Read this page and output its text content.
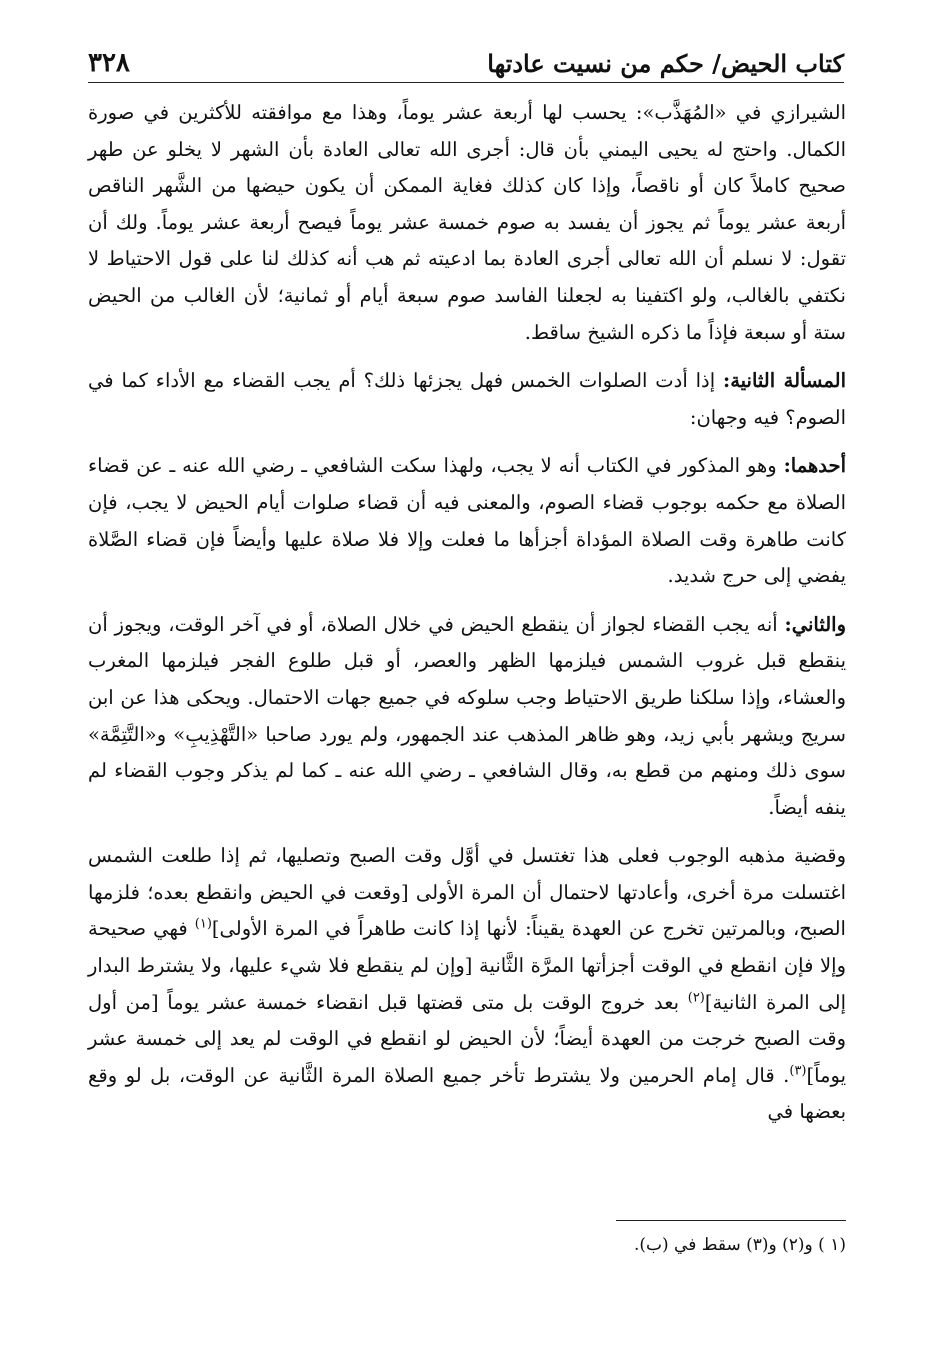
كتاب الحيض/ حكم من نسيت عادتها
٣٢٨

الشيرازي في «المُهَذَّب»: يحسب لها أربعة عشر يوماً، وهذا مع موافقته للأكثرين في صورة الكمال. واحتج له يحيى اليمني بأن قال: أجرى الله تعالى العادة بأن الشهر لا يخلو عن طهر صحيح كاملاً كان أو ناقصاً، وإذا كان كذلك فغاية الممكن أن يكون حيضها من الشَّهر الناقص أربعة عشر يوماً ثم يجوز أن يفسد به صوم خمسة عشر يوماً فيصح أربعة عشر يوماً. ولك أن تقول: لا نسلم أن الله تعالى أجرى العادة بما ادعيته ثم هب أنه كذلك لنا على قول الاحتياط لا نكتفي بالغالب، ولو اكتفينا به لجعلنا الفاسد صوم سبعة أيام أو ثمانية؛ لأن الغالب من الحيض ستة أو سبعة فإذاً ما ذكره الشيخ ساقط.

المسألة الثانية: إذا أدت الصلوات الخمس فهل يجزئها ذلك؟ أم يجب القضاء مع الأداء كما في الصوم؟ فيه وجهان:

أحدهما: وهو المذكور في الكتاب أنه لا يجب، ولهذا سكت الشافعي ـ رضي الله عنه ـ عن قضاء الصلاة مع حكمه بوجوب قضاء الصوم، والمعنى فيه أن قضاء صلوات أيام الحيض لا يجب، فإن كانت طاهرة وقت الصلاة المؤداة أجزأها ما فعلت وإلا فلا صلاة عليها وأيضاً فإن قضاء الصَّلاة يفضي إلى حرج شديد.

والثاني: أنه يجب القضاء لجواز أن ينقطع الحيض في خلال الصلاة، أو في آخر الوقت، ويجوز أن ينقطع قبل غروب الشمس فيلزمها الظهر والعصر، أو قبل طلوع الفجر فيلزمها المغرب والعشاء، وإذا سلكنا طريق الاحتياط وجب سلوكه في جميع جهات الاحتمال. ويحكى هذا عن ابن سريج ويشهر بأبي زيد، وهو ظاهر المذهب عند الجمهور، ولم يورد صاحبا «التَّهْذِيبِ» و«التَّتِمَّة» سوى ذلك ومنهم من قطع به، وقال الشافعي ـ رضي الله عنه ـ كما لم يذكر وجوب القضاء لم ينفه أيضاً.

وقضية مذهبه الوجوب فعلى هذا تغتسل في أوَّل وقت الصبح وتصليها، ثم إذا طلعت الشمس اغتسلت مرة أخرى، وأعادتها لاحتمال أن المرة الأولى [وقعت في الحيض وانقطع بعده؛ فلزمها الصبح، وبالمرتين تخرج عن العهدة يقيناً: لأنها إذا كانت طاهراً في المرة الأولى]$^{(١)}$ فهي صحيحة وإلا فإن انقطع في الوقت أجزأتها المرَّة الثَّانية [وإن لم ينقطع فلا شيء عليها، ولا يشترط البدار إلى المرة الثانية]$^{(٢)}$ بعد خروج الوقت بل متى قضتها قبل انقضاء خمسة عشر يوماً [من أول وقت الصبح خرجت من العهدة أيضاً؛ لأن الحيض لو انقطع في الوقت لم يعد إلى خمسة عشر يوماً]$^{(٣)}$. قال إمام الحرمين ولا يشترط تأخر جميع الصلاة المرة الثَّانية عن الوقت، بل لو وقع بعضها في

(١ ) و(٢) و(٣) سقط في (ب).
